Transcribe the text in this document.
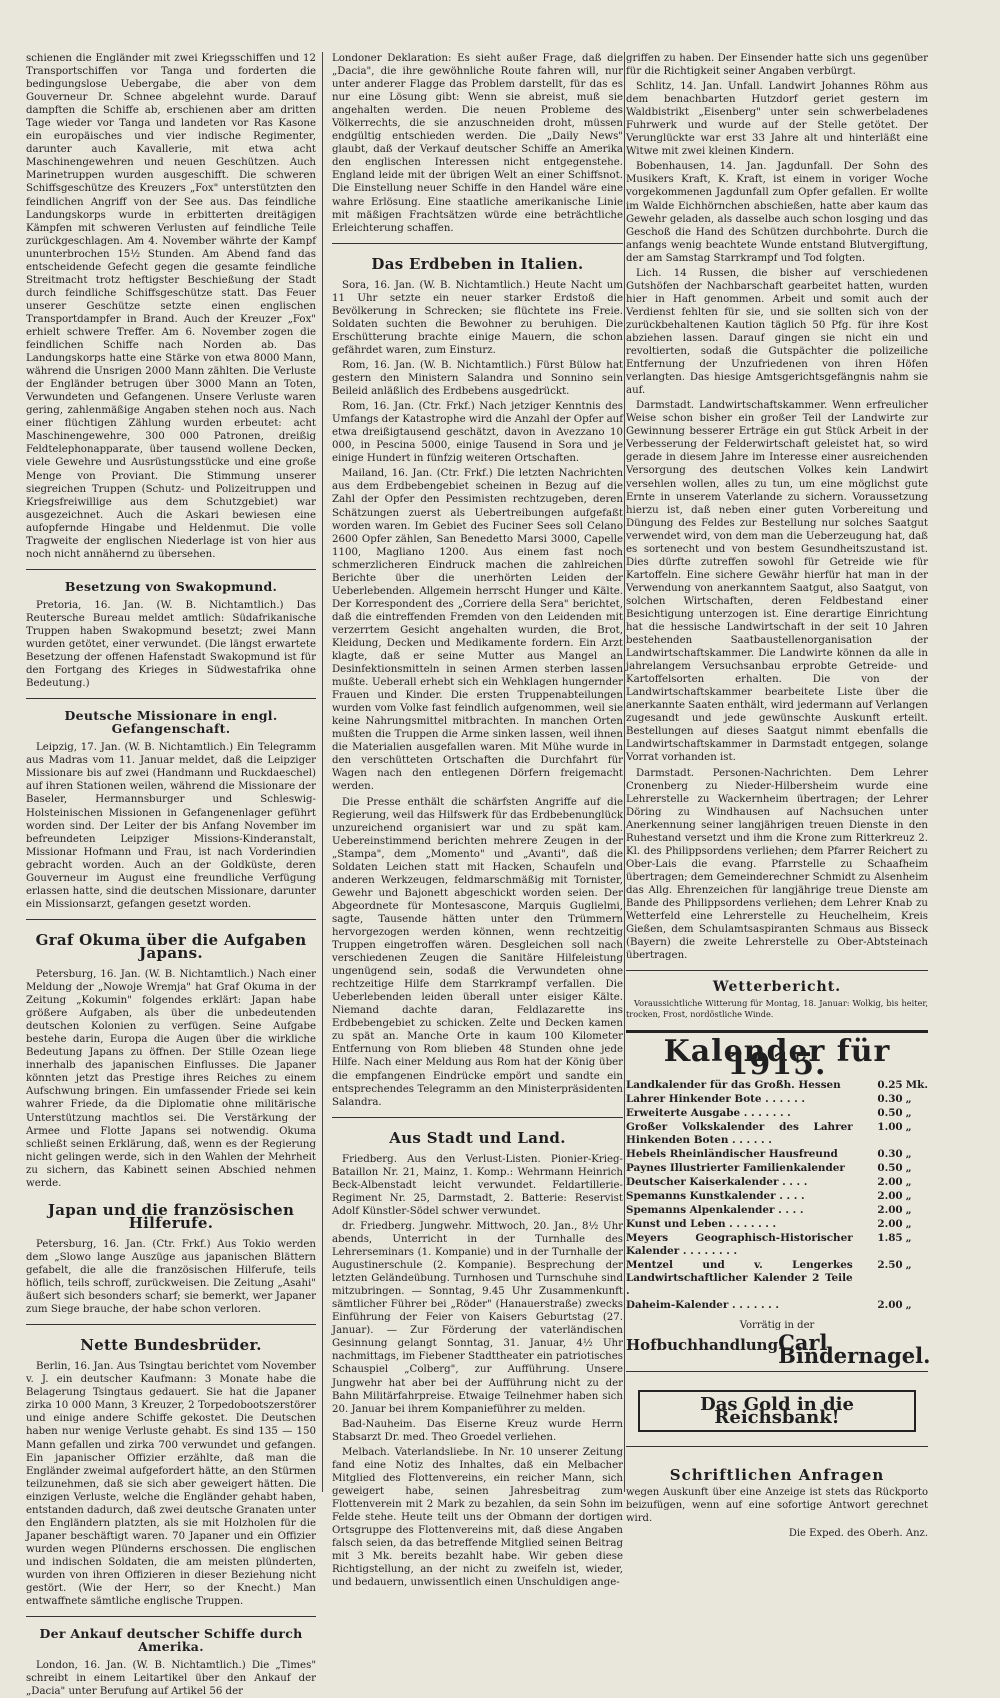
schienen die Engländer mit zwei Kriegsschiffen und 12 Transportschiffen vor Tanga und forderten die bedingungslose Uebergabe, die aber von dem Gouverneur Dr. Schnee abgelehnt wurde. Darauf dampften die Schiffe ab, erschienen aber am dritten Tage wieder vor Tanga und landeten vor Ras Kasone ein europäisches und vier indische Regimenter, darunter auch Kavallerie, mit etwa acht Maschinengewehren und neuen Geschützen. Auch Marinetruppen wurden ausgeschifft. Die schweren Schiffsgeschütze des Kreuzers „Fox" unterstützten den feindlichen Angriff von der See aus. Das feindliche Landungskorps wurde in erbitterten dreitägigen Kämpfen mit schweren Verlusten auf feindliche Teile zurückgeschlagen. Am 4. November währte der Kampf ununterbrochen 15½ Stunden. Am Abend fand das entscheidende Gefecht gegen die gesamte feindliche Streitmacht trotz heftigster Beschießung der Stadt durch feindliche Schiffsgeschütze statt. Das Feuer unserer Geschütze setzte einen englischen Transportdampfer in Brand. Auch der Kreuzer „Fox" erhielt schwere Treffer. Am 6. November zogen die feindlichen Schiffe nach Norden ab. Das Landungskorps hatte eine Stärke von etwa 8000 Mann, während die Unsrigen 2000 Mann zählten. Die Verluste der Engländer betrugen über 3000 Mann an Toten, Verwundeten und Gefangenen. Unsere Verluste waren gering, zahlenmäßige Angaben stehen noch aus. Nach einer flüchtigen Zählung wurden erbeutet: acht Maschinengewehre, 300 000 Patronen, dreißig Feldtelephonapparate, über tausend wollene Decken, viele Gewehre und Ausrüstungsstücke und eine große Menge von Proviant. Die Stimmung unserer siegreichen Truppen (Schutz- und Polizeitruppen und Kriegsfreiwillige aus dem Schutzgebiet) war ausgezeichnet. Auch die Askari bewiesen eine aufopfernde Hingabe und Heldenmut. Die volle Tragweite der englischen Niederlage ist von hier aus noch nicht annähernd zu übersehen.

Besetzung von Swakopmund.

Pretoria, 16. Jan. (W. B. Nichtamtlich.) Das Reutersche Bureau meldet amtlich: Südafrikanische Truppen haben Swakopmund besetzt; zwei Mann wurden getötet, einer verwundet. (Die längst erwartete Besetzung der offenen Hafenstadt Swakopmund ist für den Fortgang des Krieges in Südwestafrika ohne Bedeutung.)

Deutsche Missionare in engl. Gefangenschaft.

Leipzig, 17. Jan. (W. B. Nichtamtlich.) Ein Telegramm aus Madras vom 11. Januar meldet, daß die Leipziger Missionare bis auf zwei (Handmann und Ruckdaeschel) auf ihren Stationen weilen, während die Missionare der Baseler, Hermannsburger und Schleswig-Holsteinischen Missionen in Gefangenenlager geführt worden sind. Der Leiter der bis Anfang November im befreundeten Leipziger Missions-Kinderanstalt, Missionar Hofmann und Frau, ist nach Vorderindien gebracht worden. Auch an der Goldküste, deren Gouverneur im August eine freundliche Verfügung erlassen hatte, sind die deutschen Missionare, darunter ein Missionsarzt, gefangen gesetzt worden.

Graf Okuma über die Aufgaben Japans.

Petersburg, 16. Jan. (W. B. Nichtamtlich.) Nach einer Meldung der „Nowoje Wremja" hat Graf Okuma in der Zeitung „Kokumin" folgendes erklärt: Japan habe größere Aufgaben, als über die unbedeutenden deutschen Kolonien zu verfügen. Seine Aufgabe bestehe darin, Europa die Augen über die wirkliche Bedeutung Japans zu öffnen. Der Stille Ozean liege innerhalb des japanischen Einflusses. Die Japaner könnten jetzt das Prestige ihres Reiches zu einem Aufschwung bringen. Ein umfassender Friede sei kein wahrer Friede, da die Diplomatie ohne militärische Unterstützung machtlos sei. Die Verstärkung der Armee und Flotte Japans sei notwendig. Okuma schließt seinen Erklärung, daß, wenn es der Regierung nicht gelingen werde, sich in den Wahlen der Mehrheit zu sichern, das Kabinett seinen Abschied nehmen werde.

Japan und die französischen Hilferufe.

Petersburg, 16. Jan. (Ctr. Frkf.) Aus Tokio werden dem „Slowo lange Auszüge aus japanischen Blättern gefabelt, die alle die französischen Hilferufe, teils höflich, teils schroff, zurückweisen. Die Zeitung „Asahi" äußert sich besonders scharf; sie bemerkt, wer Japaner zum Siege brauche, der habe schon verloren.

Nette Bundesbrüder.

Berlin, 16. Jan. Aus Tsingtau berichtet vom November v. J. ein deutscher Kaufmann: 3 Monate habe die Belagerung Tsingtaus gedauert. Sie hat die Japaner zirka 10 000 Mann, 3 Kreuzer, 2 Torpedobootszerstörer und einige andere Schiffe gekostet. Die Deutschen haben nur wenige Verluste gehabt. Es sind 135 — 150 Mann gefallen und zirka 700 verwundet und gefangen. Ein japanischer Offizier erzählte, daß man die Engländer zweimal aufgefordert hätte, an den Stürmen teilzunehmen, daß sie sich aber geweigert hätten. Die einzigen Verluste, welche die Engländer gehabt haben, entstanden dadurch, daß zwei deutsche Granaten unter den Engländern platzten, als sie mit Holzholen für die Japaner beschäftigt waren. 70 Japaner und ein Offizier wurden wegen Plünderns erschossen. Die englischen und indischen Soldaten, die am meisten plünderten, wurden von ihren Offizieren in dieser Beziehung nicht gestört. (Wie der Herr, so der Knecht.) Man entwaffnete sämtliche englische Truppen.

Der Ankauf deutscher Schiffe durch Amerika.

London, 16. Jan. (W. B. Nichtamtlich.) Die „Times" schreibt in einem Leitartikel über den Ankauf der „Dacia" unter Berufung auf Artikel 56 der

Londoner Deklaration: Es sieht außer Frage, daß die „Dacia", die ihre gewöhnliche Route fahren will, nur unter anderer Flagge das Problem darstellt, für das es nur eine Lösung gibt: Wenn sie abreist, muß sie angehalten werden. Die neuen Probleme des Völkerrechts, die sie anzuschneiden droht, müssen endgültig entschieden werden. Die „Daily News" glaubt, daß der Verkauf deutscher Schiffe an Amerika den englischen Interessen nicht entgegenstehe. England leide mit der übrigen Welt an einer Schiffsnot. Die Einstellung neuer Schiffe in den Handel wäre eine wahre Erlösung. Eine staatliche amerikanische Linie mit mäßigen Frachtsätzen würde eine beträchtliche Erleichterung schaffen.

Das Erdbeben in Italien.

Sora, 16. Jan. (W. B. Nichtamtlich.) Heute Nacht um 11 Uhr setzte ein neuer starker Erdstoß die Bevölkerung in Schrecken; sie flüchtete ins Freie. Soldaten suchten die Bewohner zu beruhigen. Die Erschütterung brachte einige Mauern, die schon gefährdet waren, zum Einsturz.

Rom, 16. Jan. (W. B. Nichtamtlich.) Fürst Bülow hat gestern den Ministern Salandra und Sonnino sein Beileid anläßlich des Erdbebens ausgedrückt.

Rom, 16. Jan. (Ctr. Frkf.) Nach jetziger Kenntnis des Umfangs der Katastrophe wird die Anzahl der Opfer auf etwa dreißigtausend geschätzt, davon in Avezzano 10 000, in Pescina 5000, einige Tausend in Sora und je einige Hundert in fünfzig weiteren Ortschaften.

Mailand, 16. Jan. (Ctr. Frkf.) Die letzten Nachrichten aus dem Erdbebengebiet scheinen in Bezug auf die Zahl der Opfer den Pessimisten rechtzugeben, deren Schätzungen zuerst als Uebertreibungen aufgefaßt worden waren. Im Gebiet des Fuciner Sees soll Celano 2600 Opfer zählen, San Benedetto Marsi 3000, Capelle 1100, Magliano 1200. Aus einem fast noch schmerzlicheren Eindruck machen die zahlreichen Berichte über die unerhörten Leiden der Ueberlebenden. Allgemein herrscht Hunger und Kälte. Der Korrespondent des „Corriere della Sera" berichtet, daß die eintreffenden Fremden von den Leidenden mit verzerrtem Gesicht angehalten wurden, die Brot, Kleidung, Decken und Medikamente fordern. Ein Arzt klagte, daß er seine Mutter aus Mangel an Desinfektionsmitteln in seinen Armen sterben lassen mußte. Ueberall erhebt sich ein Wehklagen hungernder Frauen und Kinder. Die ersten Truppenabteilungen wurden vom Volke fast feindlich aufgenommen, weil sie keine Nahrungsmittel mitbrachten. In manchen Orten mußten die Truppen die Arme sinken lassen, weil ihnen die Materialien ausgefallen waren. Mit Mühe wurde in den verschütteten Ortschaften die Durchfahrt für Wagen nach den entlegenen Dörfern freigemacht werden.

Die Presse enthält die schärfsten Angriffe auf die Regierung, weil das Hilfswerk für das Erdbebenunglück unzureichend organisiert war und zu spät kam. Uebereinstimmend berichten mehrere Zeugen in der „Stampa", dem „Momento" und „Avanti", daß die Soldaten Leichen statt mit Hacken, Schaufeln und anderen Werkzeugen, feldmarschmäßig mit Tornister, Gewehr und Bajonett abgeschickt worden seien. Der Abgeordnete für Montesascone, Marquis Guglielmi, sagte, Tausende hätten unter den Trümmern hervorgezogen werden können, wenn rechtzeitig Truppen eingetroffen wären. Desgleichen soll nach verschiedenen Zeugen die Sanitäre Hilfeleistung ungenügend sein, sodaß die Verwundeten ohne rechtzeitige Hilfe dem Starrkrampf verfallen. Die Ueberlebenden leiden überall unter eisiger Kälte. Niemand dachte daran, Feldlazarette ins Erdbebengebiet zu schicken. Zelte und Decken kamen zu spät an. Manche Orte in kaum 100 Kilometer Entfernung von Rom blieben 48 Stunden ohne jede Hilfe. Nach einer Meldung aus Rom hat der König über die empfangenen Eindrücke empört und sandte ein entsprechendes Telegramm an den Ministerpräsidenten Salandra.

Aus Stadt und Land.

Friedberg. Aus den Verlust-Listen. Pionier-Krieg-Bataillon Nr. 21, Mainz, 1. Komp.: Wehrmann Heinrich Beck-Albenstadt leicht verwundet. Feldartillerie-Regiment Nr. 25, Darmstadt, 2. Batterie: Reservist Adolf Künstler-Södel schwer verwundet.

dr. Friedberg. Jungwehr. Mittwoch, 20. Jan., 8½ Uhr abends, Unterricht in der Turnhalle des Lehrerseminars (1. Kompanie) und in der Turnhalle der Augustinerschule (2. Kompanie). Besprechung der letzten Geländeübung. Turnhosen und Turnschuhe sind mitzubringen. — Sonntag, 9.45 Uhr Zusammenkunft sämtlicher Führer bei „Röder" (Hanauerstraße) zwecks Einführung der Feier von Kaisers Geburtstag (27. Januar). — Zur Förderung der vaterländischen Gesinnung gelangt Sonntag, 31. Januar, 4½ Uhr nachmittags, im Fiebener Stadttheater ein patriotisches Schauspiel „Colberg", zur Aufführung. Unsere Jungwehr hat aber bei der Aufführung nicht zu der Bahn Militärfahrpreise. Etwaige Teilnehmer haben sich 20. Januar bei ihrem Kompanieführer zu melden.

Bad-Nauheim. Das Eiserne Kreuz wurde Herrn Stabsarzt Dr. med. Theo Groedel verliehen.

Melbach. Vaterlandsliebe. In Nr. 10 unserer Zeitung fand eine Notiz des Inhaltes, daß ein Melbacher Mitglied des Flottenvereins, ein reicher Mann, sich geweigert habe, seinen Jahresbeitrag zum Flottenverein mit 2 Mark zu bezahlen, da sein Sohn im Felde stehe. Heute teilt uns der Obmann der dortigen Ortsgruppe des Flottenvereins mit, daß diese Angaben falsch seien, da das betreffende Mitglied seinen Beitrag mit 3 Mk. bereits bezahlt habe. Wir geben diese Richtigstellung, an der nicht zu zweifeln ist, wieder, und bedauern, unwissentlich einen Unschuldigen ange-

griffen zu haben. Der Einsender hatte sich uns gegenüber für die Richtigkeit seiner Angaben verbürgt.

Schlitz, 14. Jan. Unfall. Landwirt Johannes Röhm aus dem benachbarten Hutzdorf geriet gestern im Waldbistrikt „Eisenberg" unter sein schwerbeladenes Fuhrwerk und wurde auf der Stelle getötet. Der Verunglückte war erst 33 Jahre alt und hinterläßt eine Witwe mit zwei kleinen Kindern.

Bobenhausen, 14. Jan. Jagdunfall. Der Sohn des Musikers Kraft, K. Kraft, ist einem in voriger Woche vorgekommenen Jagdunfall zum Opfer gefallen. Er wollte im Walde Eichhörnchen abschießen, hatte aber kaum das Gewehr geladen, als dasselbe auch schon losging und das Geschoß die Hand des Schützen durchbohrte. Durch die anfangs wenig beachtete Wunde entstand Blutvergiftung, der am Samstag Starrkrampf und Tod folgten.

Lich. 14 Russen, die bisher auf verschiedenen Gutshöfen der Nachbarschaft gearbeitet hatten, wurden hier in Haft genommen. Arbeit und somit auch der Verdienst fehlten für sie, und sie sollten sich von der zurückbehaltenen Kaution täglich 50 Pfg. für ihre Kost abziehen lassen. Darauf gingen sie nicht ein und revoltierten, sodaß die Gutspächter die polizeiliche Entfernung der Unzufriedenen von ihren Höfen verlangten. Das hiesige Amtsgerichtsgefängnis nahm sie auf.

Darmstadt. Landwirtschaftskammer. Wenn erfreulicher Weise schon bisher ein großer Teil der Landwirte zur Gewinnung besserer Erträge ein gut Stück Arbeit in der Verbesserung der Felderwirtschaft geleistet hat, so wird gerade in diesem Jahre im Interesse einer ausreichenden Versorgung des deutschen Volkes kein Landwirt versehlen wollen, alles zu tun, um eine möglichst gute Ernte in unserem Vaterlande zu sichern. Voraussetzung hierzu ist, daß neben einer guten Vorbereitung und Düngung des Feldes zur Bestellung nur solches Saatgut verwendet wird, von dem man die Ueberzeugung hat, daß es sortenecht und von bestem Gesundheitszustand ist. Dies dürfte zutreffen sowohl für Getreide wie für Kartoffeln. Eine sichere Gewähr hierfür hat man in der Verwendung von anerkanntem Saatgut, also Saatgut, von solchen Wirtschaften, deren Feldbestand einer Besichtigung unterzogen ist. Eine derartige Einrichtung hat die hessische Landwirtschaft in der seit 10 Jahren bestehenden Saatbaustellenorganisation der Landwirtschaftskammer. Die Landwirte können da alle in jahrelangem Versuchsanbau erprobte Getreide- und Kartoffelsorten erhalten. Die von der Landwirtschaftskammer bearbeitete Liste über die anerkannte Saaten enthält, wird jedermann auf Verlangen zugesandt und jede gewünschte Auskunft erteilt. Bestellungen auf dieses Saatgut nimmt ebenfalls die Landwirtschaftskammer in Darmstadt entgegen, solange Vorrat vorhanden ist.

Darmstadt. Personen-Nachrichten. Dem Lehrer Cronenberg zu Nieder-Hilbersheim wurde eine Lehrerstelle zu Wackernheim übertragen; der Lehrer Döring zu Windhausen auf Nachsuchen unter Anerkennung seiner langjährigen treuen Dienste in den Ruhestand versetzt und ihm die Krone zum Ritterkreuz 2. Kl. des Philippsordens verliehen; dem Pfarrer Reichert zu Ober-Lais die evang. Pfarrstelle zu Schaafheim übertragen; dem Gemeinderechner Schmidt zu Alsenheim das Allg. Ehrenzeichen für langjährige treue Dienste am Bande des Philippsordens verliehen; dem Lehrer Knab zu Wetterfeld eine Lehrerstelle zu Heuchelheim, Kreis Gießen, dem Schulamtsaspiranten Schmaus aus Bisseck (Bayern) die zweite Lehrerstelle zu Ober-Abtsteinach übertragen.

Wetterbericht.

Voraussichtliche Witterung für Montag, 18. Januar: Wolkig, bis heiter, trocken, Frost, nordöstliche Winde.

Kalender für 1915.
Landkalender für das Großh. Hessen	0.25	Mk.
Lahrer Hinkender Bote . . . . . .	0.30	„
Erweiterte Ausgabe . . . . . . .	0.50	„
Großer Volkskalender des Lahrer Hinkenden Boten . . . . . .	1.00	„
Hebels Rheinländischer Hausfreund	0.30	„
Paynes Illustrierter Familienkalender	0.50	„
Deutscher Kaiserkalender . . . .	2.00	„
Spemanns Kunstkalender . . . .	2.00	„
Spemanns Alpenkalender . . . .	2.00	„
Kunst und Leben . . . . . . .	2.00	„
Meyers Geographisch-Historischer Kalender . . . . . . . .	1.85	„
Mentzel und v. Lengerkes Landwirtschaftlicher Kalender 2 Teile .	2.50	„
Daheim-Kalender . . . . . . .	2.00	„
Vorrätig in der
Hofbuchhandlung Carl Bindernagel.
Das Gold in die Reichsbank!
Schriftlichen Anfragen

wegen Auskunft über eine Anzeige ist stets das Rückporto beizufügen, wenn auf eine sofortige Antwort gerechnet wird.

Die Exped. des Oberh. Anz.
